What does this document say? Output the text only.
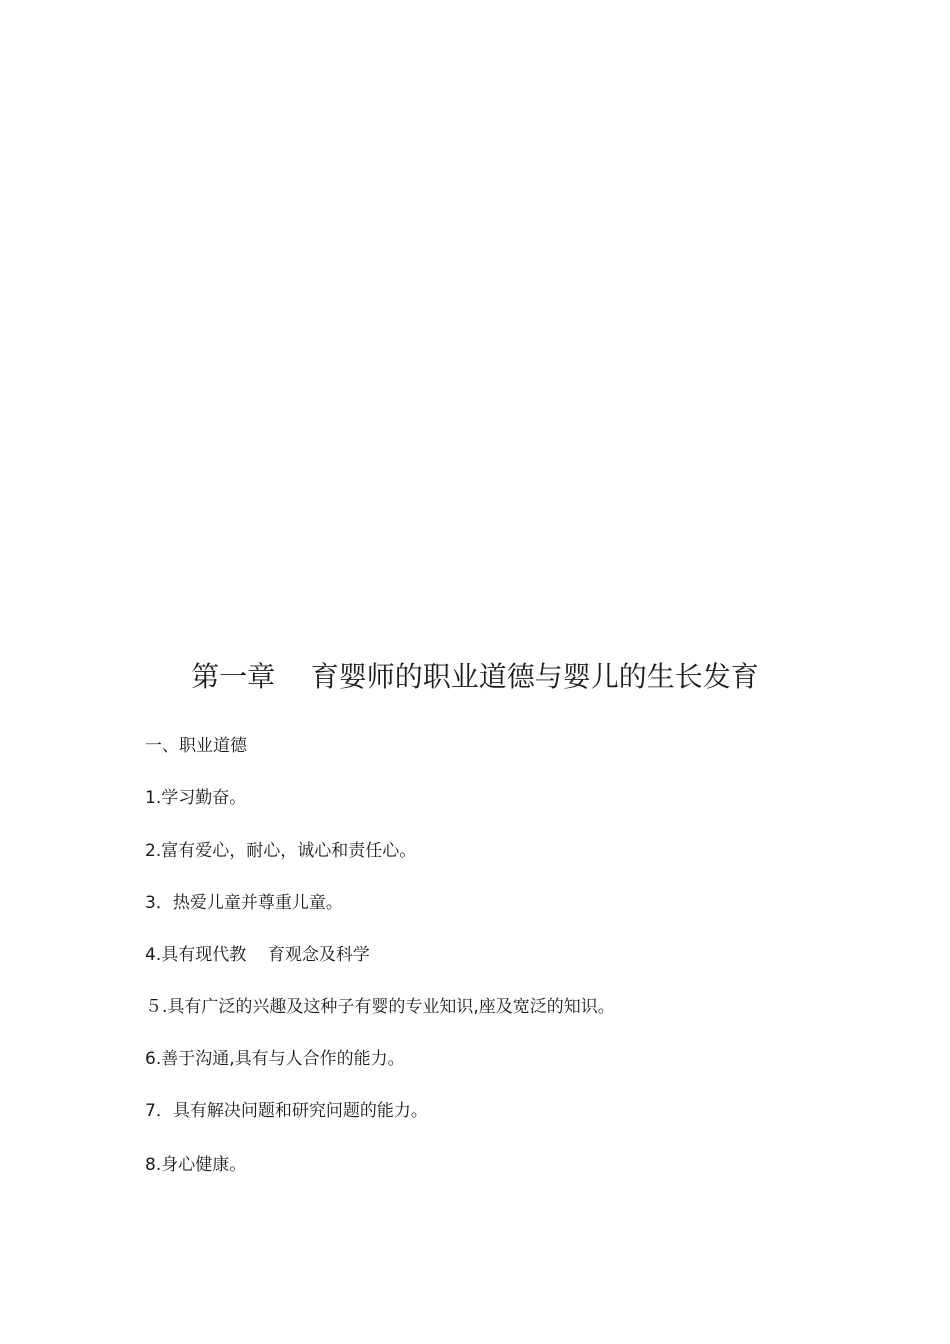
第一章    育婴师的职业道德与婴儿的生长发育
一、职业道德

1.学习勤奋。

2.富有爱心，耐心，诚心和责任心。

3．热爱儿童并尊重儿童。

4.具有现代教    育观念及科学

５.具有广泛的兴趣及这种子有婴的专业知识,座及宽泛的知识。

6.善于沟通,具有与人合作的能力。

7．具有解决问题和研究问题的能力。

8.身心健康。
